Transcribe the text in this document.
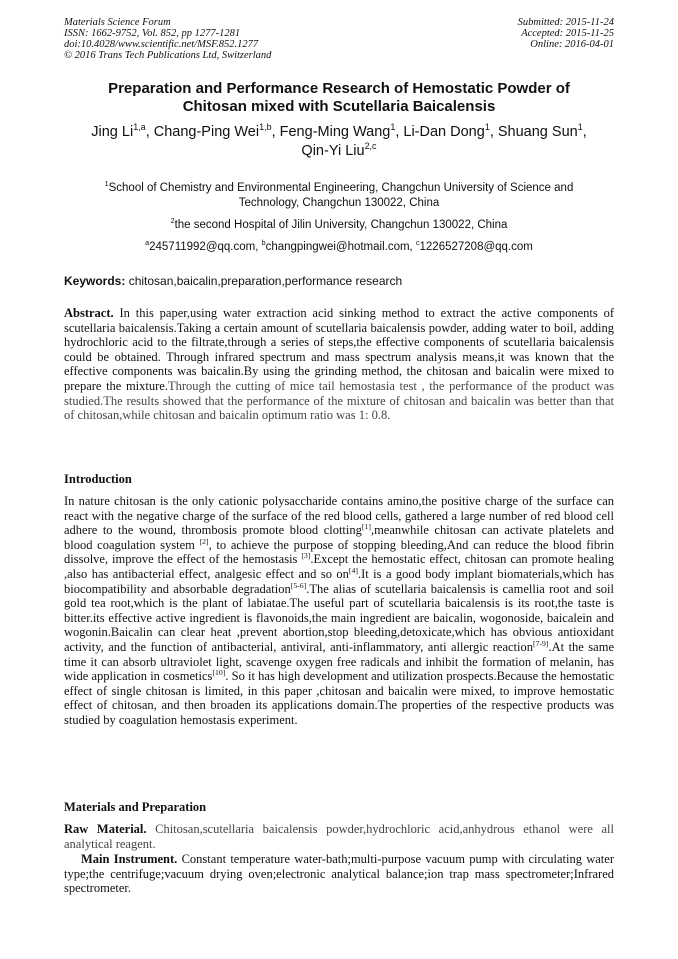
Materials Science Forum
ISSN: 1662-9752, Vol. 852, pp 1277-1281
doi:10.4028/www.scientific.net/MSF.852.1277
© 2016 Trans Tech Publications Ltd, Switzerland
Submitted: 2015-11-24
Accepted: 2015-11-25
Online: 2016-04-01
Preparation and Performance Research of Hemostatic Powder of
Chitosan mixed with Scutellaria Baicalensis
Jing Li$^{1,a}$, Chang-Ping Wei$^{1,b}$, Feng-Ming Wang$^1$, Li-Dan Dong$^1$, Shuang Sun$^1$,
Qin-Yi Liu$^{2,c}$
$^1$School of Chemistry and Environmental Engineering, Changchun University of Science and
Technology, Changchun 130022, China
$^2$the second Hospital of Jilin University, Changchun 130022, China
$^a$245711992@qq.com, $^b$changpingwei@hotmail.com, $^c$1226527208@qq.com
Keywords: chitosan,baicalin,preparation,performance research
Abstract. In this paper,using water extraction acid sinking method to extract the active components of scutellaria baicalensis.Taking a certain amount of scutellaria baicalensis powder, adding water to boil, adding hydrochloric acid to the filtrate,through a series of steps,the effective components of scutellaria baicalensis could be obtained. Through infrared spectrum and mass spectrum analysis means,it was known that the effective components was baicalin.By using the grinding method, the chitosan and baicalin were mixed to prepare the mixture.Through the cutting of mice tail hemostasia test , the performance of the product was studied.The results showed that the performance of the mixture of chitosan and baicalin was better than that of chitosan,while chitosan and baicalin optimum ratio was 1: 0.8.
Introduction
In nature chitosan is the only cationic polysaccharide contains amino,the positive charge of the surface can react with the negative charge of the surface of the red blood cells, gathered a large number of red blood cell adhere to the wound, thrombosis promote blood clotting[1],meanwhile chitosan can activate platelets and blood coagulation system [2], to achieve the purpose of stopping bleeding,And can reduce the blood fibrin dissolve, improve the effect of the hemostasis [3].Except the hemostatic effect, chitosan can promote healing ,also has antibacterial effect, analgesic effect and so on[4].It is a good body implant biomaterials,which has biocompatibility and absorbable degradation[5-6].The alias of scutellaria baicalensis is camellia root and soil gold tea root,which is the plant of labiatae.The useful part of scutellaria baicalensis is its root,the taste is bitter.its effective active ingredient is flavonoids,the main ingredient are baicalin, wogonoside, baicalein and wogonin.Baicalin can clear heat ,prevent abortion,stop bleeding,detoxicate,which has obvious antioxidant activity, and the function of antibacterial, antiviral, anti-inflammatory, anti allergic reaction[7-9].At the same time it can absorb ultraviolet light, scavenge oxygen free radicals and inhibit the formation of melanin, has wide application in cosmetics[10]. So it has high development and utilization prospects.Because the hemostatic effect of single chitosan is limited, in this paper ,chitosan and baicalin were mixed, to improve hemostatic effect of chitosan, and then broaden its applications domain.The properties of the respective products was studied by coagulation hemostasis experiment.
Materials and Preparation
Raw Material. Chitosan,scutellaria baicalensis powder,hydrochloric acid,anhydrous ethanol were all analytical reagent.
Main Instrument. Constant temperature water-bath;multi-purpose vacuum pump with circulating water type;the centrifuge;vacuum drying oven;electronic analytical balance;ion trap mass spectrometer;Infrared spectrometer.
